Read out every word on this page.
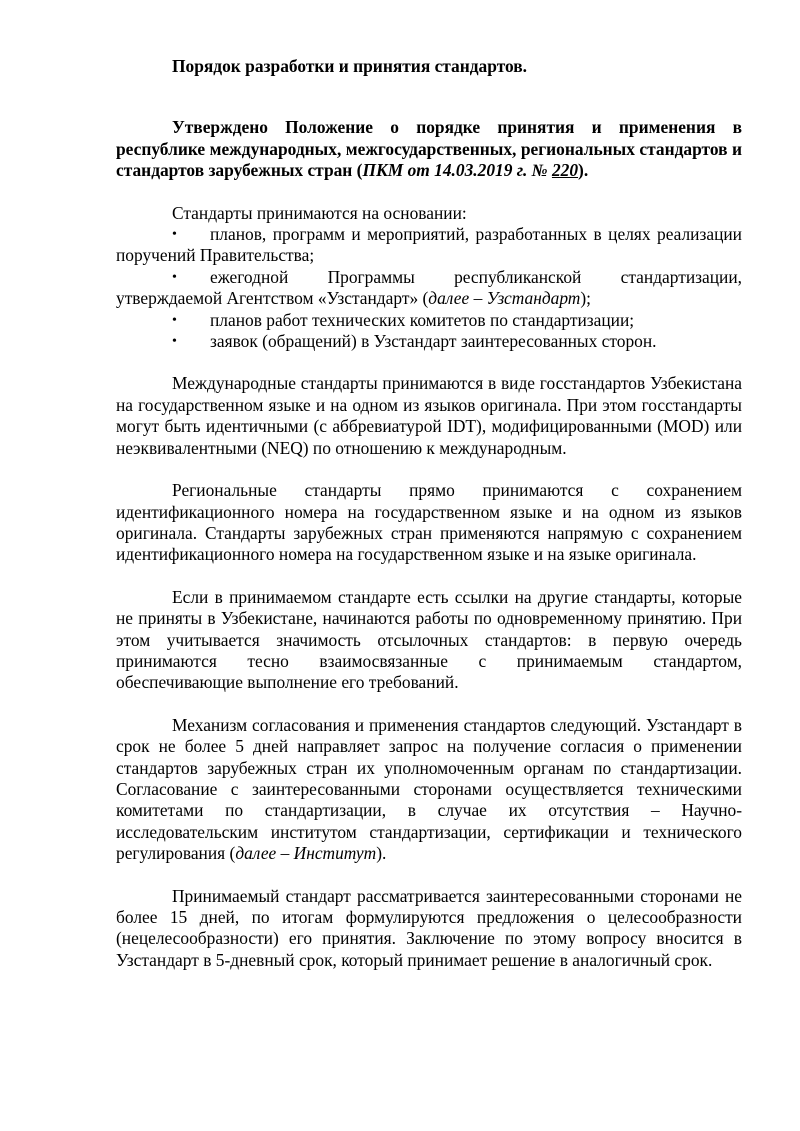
Порядок разработки и принятия стандартов.

Утверждено Положение о порядке принятия и применения в республике международных, межгосударственных, региональных стандартов и стандартов зарубежных стран (ПКМ от 14.03.2019 г. № 220).

Стандарты принимаются на основании:

• планов, программ и мероприятий, разработанных в целях реализации поручений Правительства;

• ежегодной Программы республиканской стандартизации, утверждаемой Агентством «Узстандарт» (далее – Узстандарт);

• планов работ технических комитетов по стандартизации;

• заявок (обращений) в Узстандарт заинтересованных сторон.

Международные стандарты принимаются в виде госстандартов Узбекистана на государственном языке и на одном из языков оригинала. При этом госстандарты могут быть идентичными (с аббревиатурой IDT), модифицированными (MOD) или неэквивалентными (NEQ) по отношению к международным.

Региональные стандарты прямо принимаются с сохранением идентификационного номера на государственном языке и на одном из языков оригинала. Стандарты зарубежных стран применяются напрямую с сохранением идентификационного номера на государственном языке и на языке оригинала.

Если в принимаемом стандарте есть ссылки на другие стандарты, которые не приняты в Узбекистане, начинаются работы по одновременному принятию. При этом учитывается значимость отсылочных стандартов: в первую очередь принимаются тесно взаимосвязанные с принимаемым стандартом, обеспечивающие выполнение его требований.

Механизм согласования и применения стандартов следующий. Узстандарт в срок не более 5 дней направляет запрос на получение согласия о применении стандартов зарубежных стран их уполномоченным органам по стандартизации. Согласование с заинтересованными сторонами осуществляется техническими комитетами по стандартизации, в случае их отсутствия – Научно-исследовательским институтом стандартизации, сертификации и технического регулирования (далее – Институт).

Принимаемый стандарт рассматривается заинтересованными сторонами не более 15 дней, по итогам формулируются предложения о целесообразности (нецелесообразности) его принятия. Заключение по этому вопросу вносится в Узстандарт в 5-дневный срок, который принимает решение в аналогичный срок.
